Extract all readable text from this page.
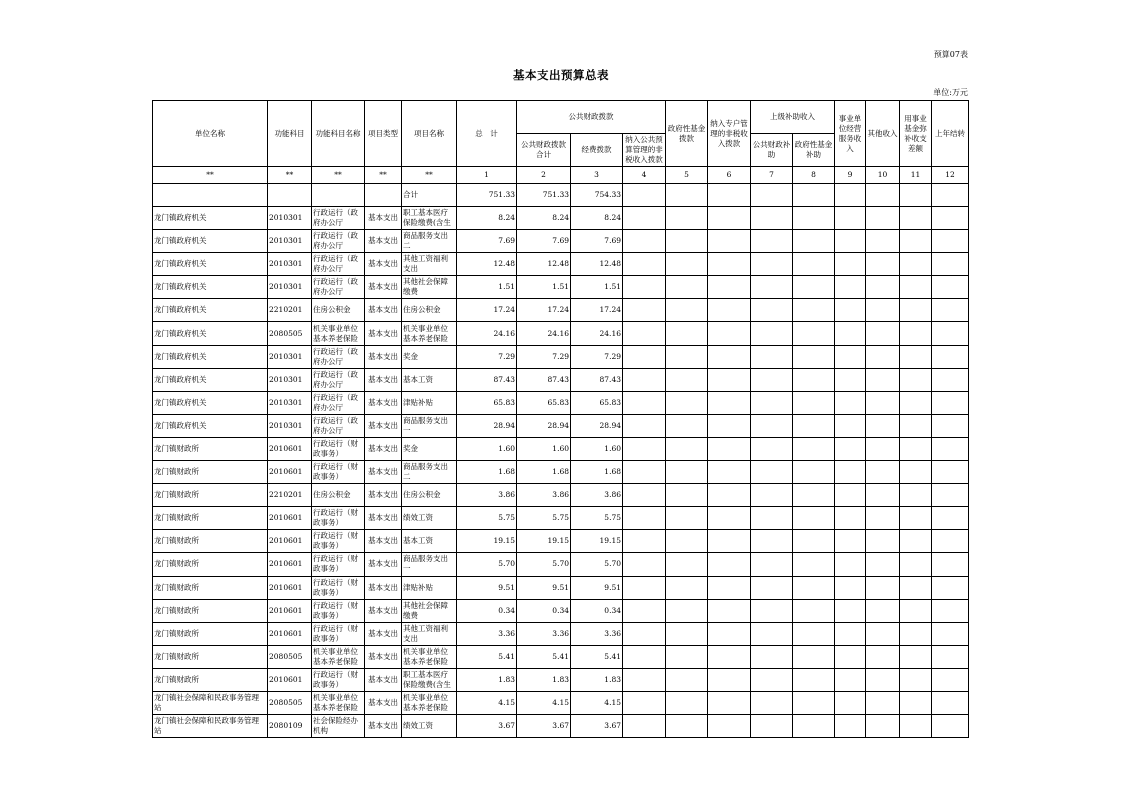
预算07表
基本支出预算总表
单位:万元
单位名称	功能科目	功能科目名称	项目类型	项目名称	总　计	公共财政拨款			政府性基金拨款	纳入专户管理的非税收入拨款	上级补助收入		事业单位经营服务收入	其他收入	用事业基金弥补收支差额	上年结转
						公共财政拨款合计	经费拨款	纳入公共预算管理的非税收入拨款			公共财政补助	政府性基金补助				
**	**	**	**	**	1	2	3	4	5	6	7	8	9	10	11	12
				合计	751.33	751.33	754.33									

龙门镇政府机关	2010301	行政运行（政府办公厅	基本支出	职工基本医疗保险缴费(含生	8.24	8.24	8.24									

龙门镇政府机关	2010301	行政运行（政府办公厅	基本支出	商品服务支出二	7.69	7.69	7.69									

龙门镇政府机关	2010301	行政运行（政府办公厅	基本支出	其他工资福利支出	12.48	12.48	12.48									

龙门镇政府机关	2010301	行政运行（政府办公厅	基本支出	其他社会保障缴费	1.51	1.51	1.51									

龙门镇政府机关	2210201	住房公积金	基本支出	住房公积金	17.24	17.24	17.24									

龙门镇政府机关	2080505	机关事业单位基本养老保险	基本支出	机关事业单位基本养老保险	24.16	24.16	24.16									

龙门镇政府机关	2010301	行政运行（政府办公厅	基本支出	奖金	7.29	7.29	7.29									

龙门镇政府机关	2010301	行政运行（政府办公厅	基本支出	基本工资	87.43	87.43	87.43									

龙门镇政府机关	2010301	行政运行（政府办公厅	基本支出	津贴补贴	65.83	65.83	65.83									

龙门镇政府机关	2010301	行政运行（政府办公厅	基本支出	商品服务支出一	28.94	28.94	28.94									

龙门镇财政所	2010601	行政运行（财政事务）	基本支出	奖金	1.60	1.60	1.60									

龙门镇财政所	2010601	行政运行（财政事务）	基本支出	商品服务支出二	1.68	1.68	1.68									

龙门镇财政所	2210201	住房公积金	基本支出	住房公积金	3.86	3.86	3.86									

龙门镇财政所	2010601	行政运行（财政事务）	基本支出	绩效工资	5.75	5.75	5.75									

龙门镇财政所	2010601	行政运行（财政事务）	基本支出	基本工资	19.15	19.15	19.15									

龙门镇财政所	2010601	行政运行（财政事务）	基本支出	商品服务支出一	5.70	5.70	5.70									

龙门镇财政所	2010601	行政运行（财政事务）	基本支出	津贴补贴	9.51	9.51	9.51									

龙门镇财政所	2010601	行政运行（财政事务）	基本支出	其他社会保障缴费	0.34	0.34	0.34									

龙门镇财政所	2010601	行政运行（财政事务）	基本支出	其他工资福利支出	3.36	3.36	3.36									

龙门镇财政所	2080505	机关事业单位基本养老保险	基本支出	机关事业单位基本养老保险	5.41	5.41	5.41									

龙门镇财政所	2010601	行政运行（财政事务）	基本支出	职工基本医疗保险缴费(含生	1.83	1.83	1.83									

龙门镇社会保障和民政事务管理站	2080505	机关事业单位基本养老保险	基本支出	机关事业单位基本养老保险	4.15	4.15	4.15									

龙门镇社会保障和民政事务管理站	2080109	社会保险经办机构	基本支出	绩效工资	3.67	3.67	3.67									
